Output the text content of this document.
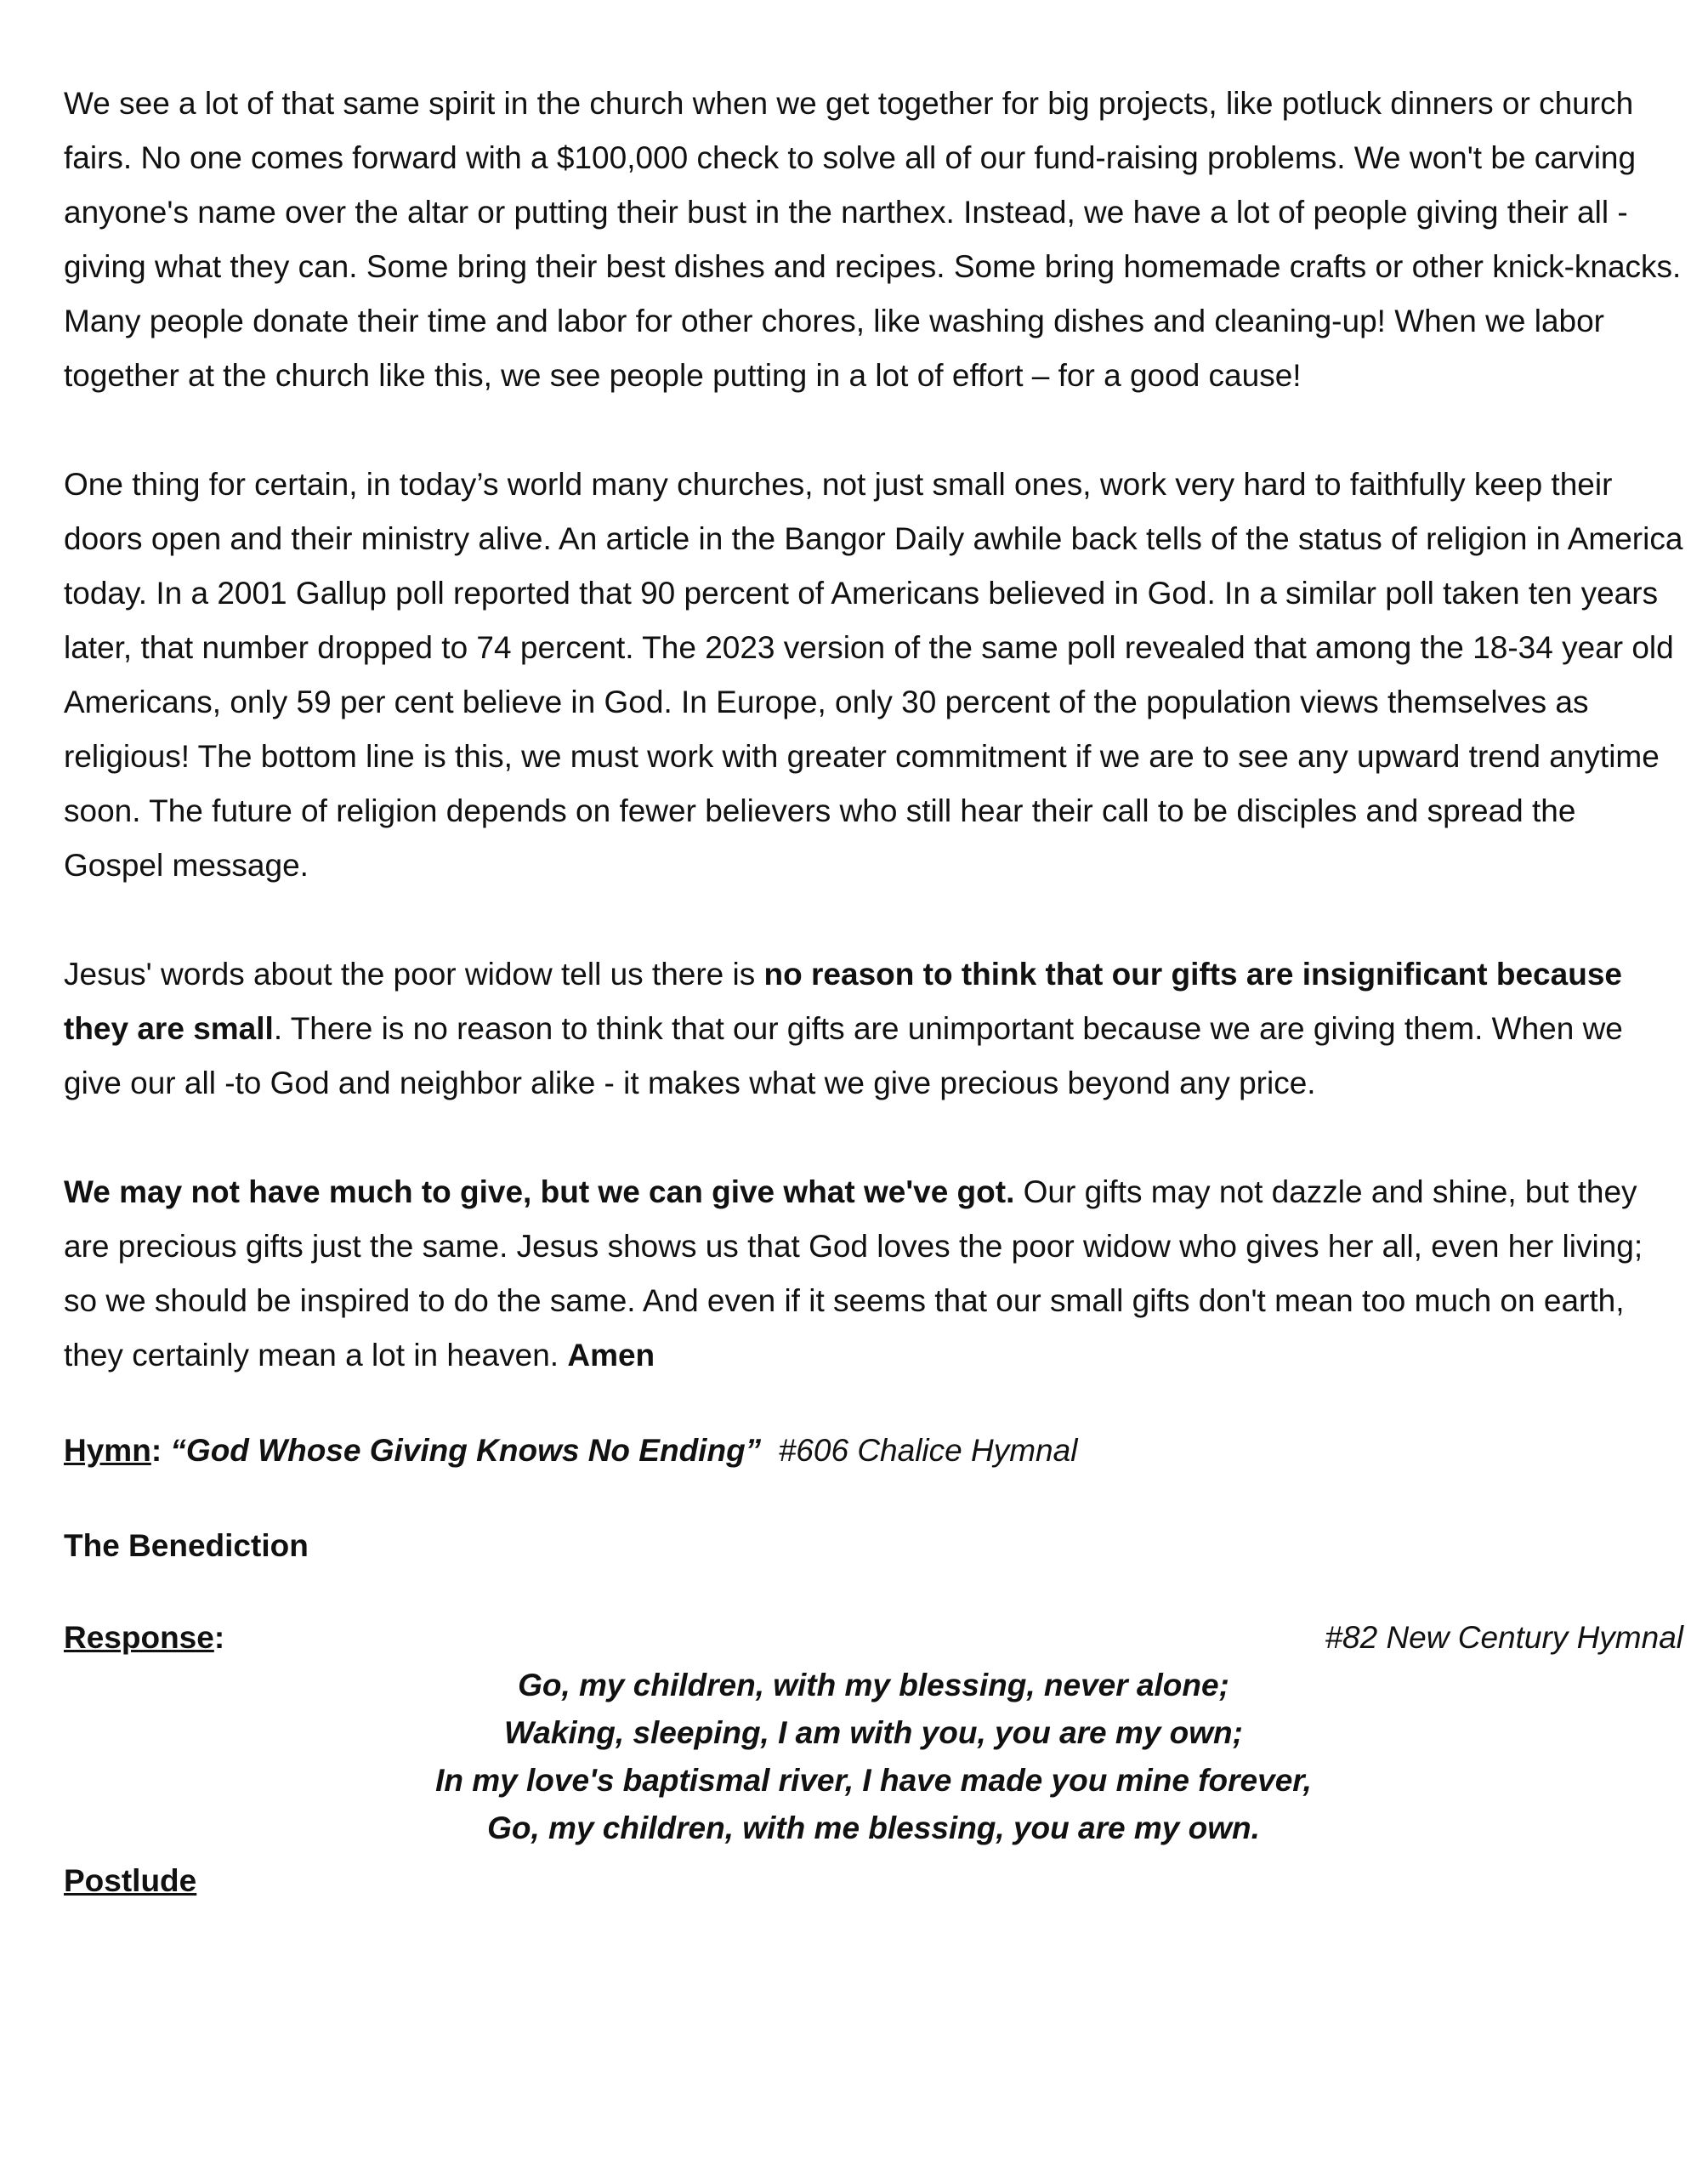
We see a lot of that same spirit in the church when we get together for big projects, like potluck dinners or church fairs. No one comes forward with a $100,000 check to solve all of our fund-raising problems. We won't be carving anyone's name over the altar or putting their bust in the narthex. Instead, we have a lot of people giving their all - giving what they can. Some bring their best dishes and recipes. Some bring homemade crafts or other knick-knacks. Many people donate their time and labor for other chores, like washing dishes and cleaning-up! When we labor together at the church like this, we see people putting in a lot of effort – for a good cause!

One thing for certain, in today’s world many churches, not just small ones, work very hard to faithfully keep their doors open and their ministry alive. An article in the Bangor Daily awhile back tells of the status of religion in America today. In a 2001 Gallup poll reported that 90 percent of Americans believed in God. In a similar poll taken ten years later, that number dropped to 74 percent. The 2023 version of the same poll revealed that among the 18-34 year old Americans, only 59 per cent believe in God. In Europe, only 30 percent of the population views themselves as religious! The bottom line is this, we must work with greater commitment if we are to see any upward trend anytime soon. The future of religion depends on fewer believers who still hear their call to be disciples and spread the Gospel message.

Jesus' words about the poor widow tell us there is no reason to think that our gifts are insignificant because they are small. There is no reason to think that our gifts are unimportant because we are giving them. When we give our all -to God and neighbor alike - it makes what we give precious beyond any price.

We may not have much to give, but we can give what we've got. Our gifts may not dazzle and shine, but they are precious gifts just the same. Jesus shows us that God loves the poor widow who gives her all, even her living; so we should be inspired to do the same. And even if it seems that our small gifts don't mean too much on earth, they certainly mean a lot in heaven. Amen

Hymn: “God Whose Giving Knows No Ending”  #606 Chalice Hymnal
The Benediction
Response:	#82 New Century Hymnal
Go, my children, with my blessing, never alone;
Waking, sleeping, I am with you, you are my own;
In my love's baptismal river, I have made you mine forever,
Go, my children, with me blessing, you are my own.
Postlude
